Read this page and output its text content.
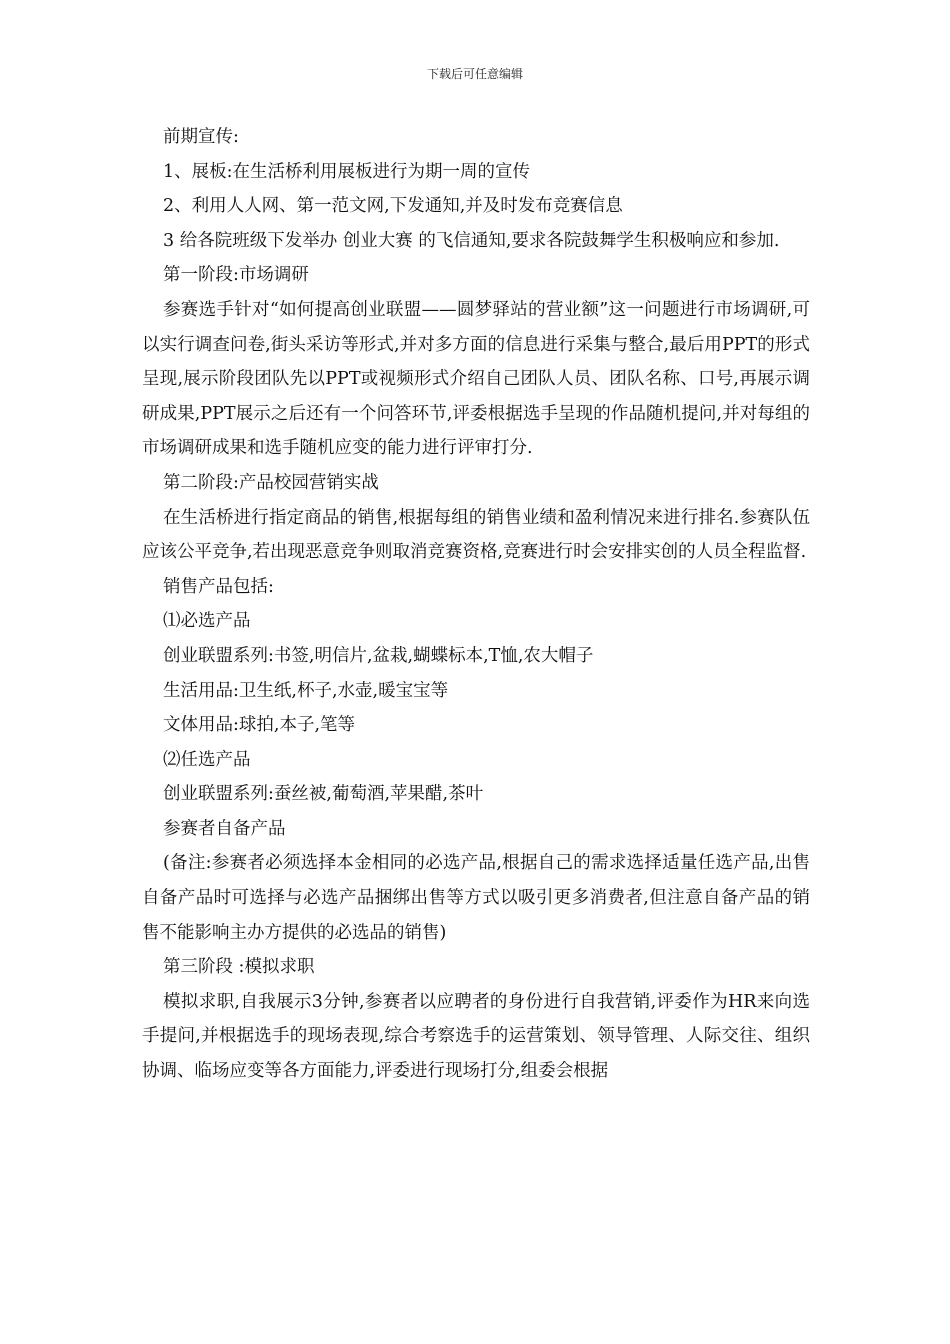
下载后可任意编辑

前期宣传:

1、展板:在生活桥利用展板进行为期一周的宣传

2、利用人人网、第一范文网,下发通知,并及时发布竞赛信息

3 给各院班级下发举办 创业大赛 的飞信通知,要求各院鼓舞学生积极响应和参加.

第一阶段:市场调研

参赛选手针对“如何提高创业联盟——圆梦驿站的营业额”这一问题进行市场调研,可以实行调查问卷,街头采访等形式,并对多方面的信息进行采集与整合,最后用PPT的形式呈现,展示阶段团队先以PPT或视频形式介绍自己团队人员、团队名称、口号,再展示调研成果,PPT展示之后还有一个问答环节,评委根据选手呈现的作品随机提问,并对每组的市场调研成果和选手随机应变的能力进行评审打分.

第二阶段:产品校园营销实战

在生活桥进行指定商品的销售,根据每组的销售业绩和盈利情况来进行排名.参赛队伍应该公平竞争,若出现恶意竞争则取消竞赛资格,竞赛进行时会安排实创的人员全程监督.

销售产品包括:

⑴必选产品

创业联盟系列:书签,明信片,盆栽,蝴蝶标本,T恤,农大帽子

生活用品:卫生纸,杯子,水壶,暖宝宝等

文体用品:球拍,本子,笔等

⑵任选产品

创业联盟系列:蚕丝被,葡萄酒,苹果醋,茶叶

参赛者自备产品

(备注:参赛者必须选择本金相同的必选产品,根据自己的需求选择适量任选产品,出售自备产品时可选择与必选产品捆绑出售等方式以吸引更多消费者,但注意自备产品的销售不能影响主办方提供的必选品的销售)

第三阶段 :模拟求职

模拟求职,自我展示3分钟,参赛者以应聘者的身份进行自我营销,评委作为HR来向选手提问,并根据选手的现场表现,综合考察选手的运营策划、领导管理、人际交往、组织协调、临场应变等各方面能力,评委进行现场打分,组委会根据
